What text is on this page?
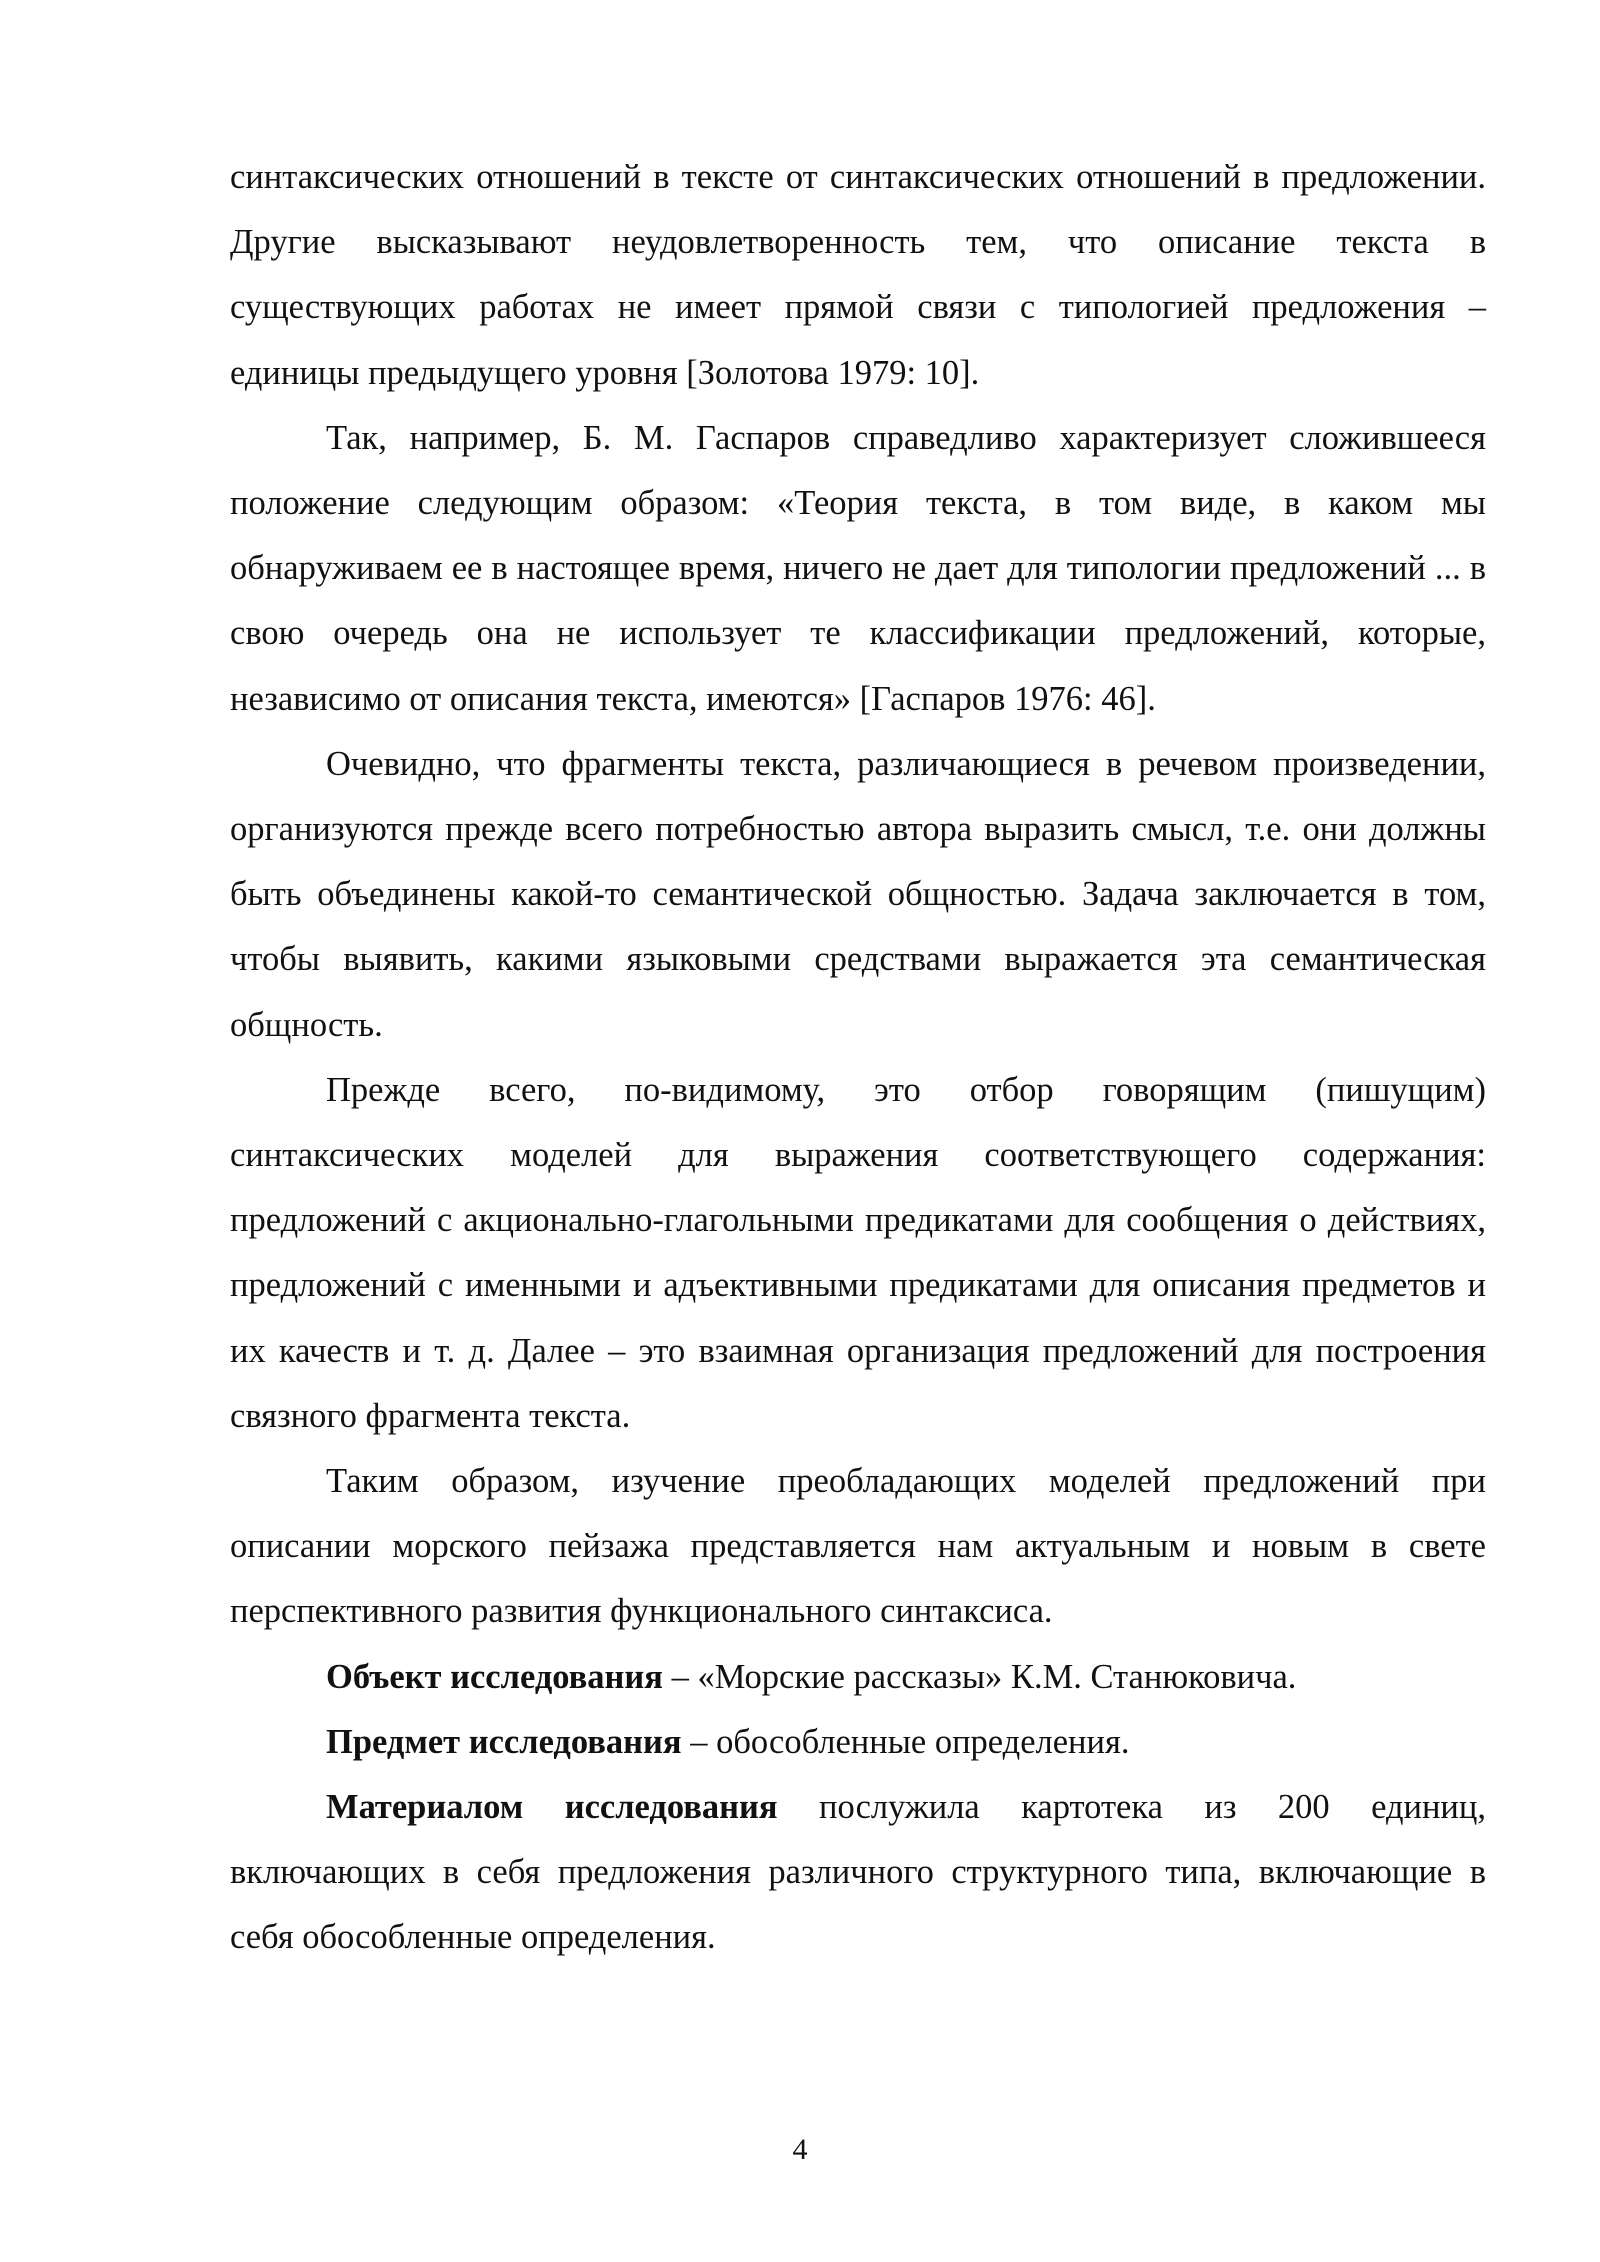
синтаксических отношений в тексте от синтаксических отношений в предложении. Другие высказывают неудовлетворенность тем, что описание текста в существующих работах не имеет прямой связи с типологией предложения – единицы предыдущего уровня [Золотова 1979: 10].

Так, например, Б. М. Гаспаров справедливо характеризует сложившееся положение следующим образом: «Теория текста, в том виде, в каком мы обнаруживаем ее в настоящее время, ничего не дает для типологии предложений ... в свою очередь она не использует те классификации предложений, которые, независимо от описания текста, имеются» [Гаспаров 1976: 46].

Очевидно, что фрагменты текста, различающиеся в речевом произведении, организуются прежде всего потребностью автора выразить смысл, т.е. они должны быть объединены какой-то семантической общностью. Задача заключается в том, чтобы выявить, какими языковыми средствами выражается эта семантическая общность.

Прежде всего, по-видимому, это отбор говорящим (пишущим) синтаксических моделей для выражения соответствующего содержания: предложений с акционально-глагольными предикатами для сообщения о действиях, предложений с именными и адъективными предикатами для описания предметов и их качеств и т. д. Далее – это взаимная организация предложений для построения связного фрагмента текста.

Таким образом, изучение преобладающих моделей предложений при описании морского пейзажа представляется нам актуальным и новым в свете перспективного развития функционального синтаксиса.

Объект исследования – «Морские рассказы» К.М. Станюковича.

Предмет исследования – обособленные определения.

Материалом исследования послужила картотека из 200 единиц, включающих в себя предложения различного структурного типа, включающие в себя обособленные определения.

4
